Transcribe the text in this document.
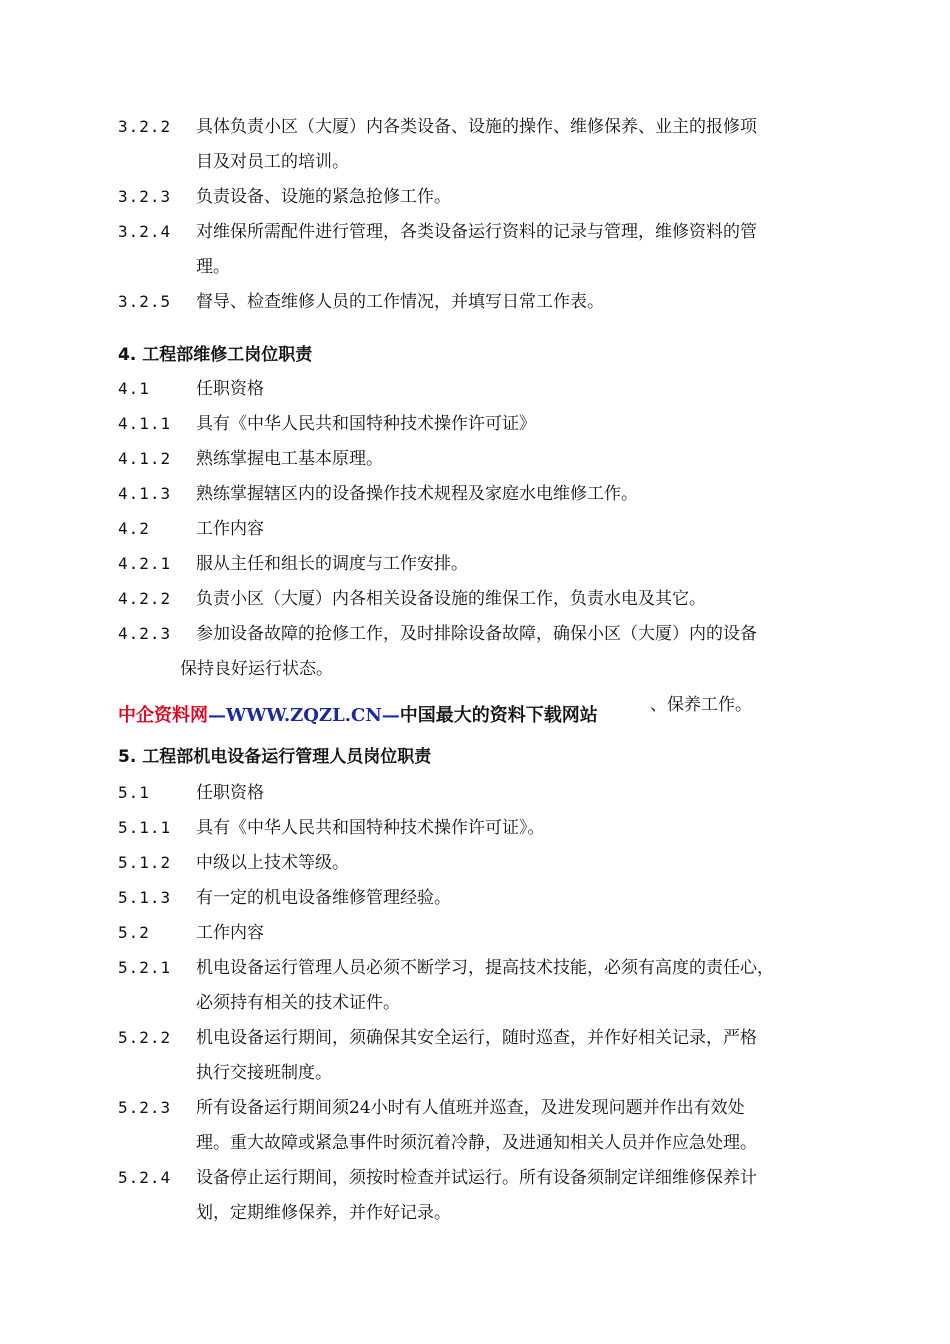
3.2.2 具体负责小区（大厦）内各类设备、设施的操作、维修保养、业主的报修项
目及对员工的培训。
3.2.3 负责设备、设施的紧急抢修工作。
3.2.4 对维保所需配件进行管理，各类设备运行资料的记录与管理，维修资料的管
理。
3.2.5 督导、检查维修人员的工作情况，并填写日常工作表。
4. 工程部维修工岗位职责
4.1	任职资格
4.1.1 具有《中华人民共和国特种技术操作许可证》
4.1.2 熟练掌握电工基本原理。
4.1.3 熟练掌握辖区内的设备操作技术规程及家庭水电维修工作。
4.2	工作内容
4.2.1 服从主任和组长的调度与工作安排。
4.2.2 负责小区（大厦）内各相关设备设施的维保工作，负责水电及其它。
4.2.3 参加设备故障的抢修工作，及时排除设备故障，确保小区（大厦）内的设备
保持良好运行状态。
、保养工作。
中企资料网—WWW.ZQZL.CN—中国最大的资料下载网站
5. 工程部机电设备运行管理人员岗位职责
5.1	任职资格
5.1.1 具有《中华人民共和国特种技术操作许可证》。
5.1.2 中级以上技术等级。
5.1.3 有一定的机电设备维修管理经验。
5.2	工作内容
5.2.1 机电设备运行管理人员必须不断学习，提高技术技能，必须有高度的责任心，
必须持有相关的技术证件。
5.2.2 机电设备运行期间，须确保其安全运行，随时巡查，并作好相关记录，严格
执行交接班制度。
5.2.3 所有设备运行期间须24小时有人值班并巡查，及进发现问题并作出有效处
理。重大故障或紧急事件时须沉着冷静，及进通知相关人员并作应急处理。
5.2.4 设备停止运行期间，须按时检查并试运行。所有设备须制定详细维修保养计
划，定期维修保养，并作好记录。
